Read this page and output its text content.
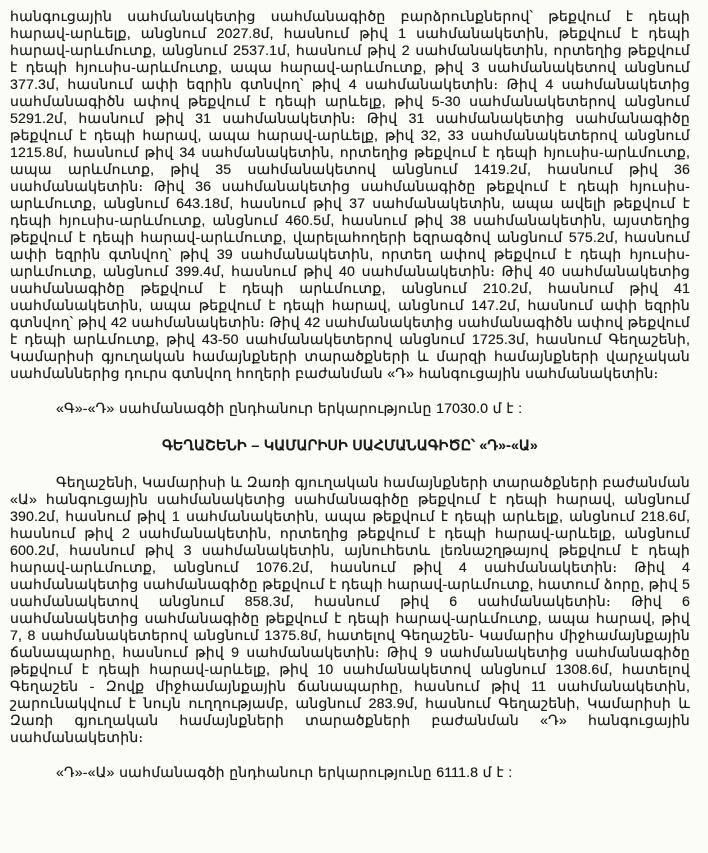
հանգուցային սահմանակետից սահմանագիծը բարձրունքներով՝ թեքվում է դեպի հարավ-արևելք, անցնում 2027.8մ, հասնում թիվ 1 սահմանակետին, թեքվում է դեպի հարավ-արևմուտք, անցնում 2537.1մ, հասնում թիվ 2 սահմանակետին, որտեղից թեքվում է դեպի հյուսիս-արևմուտք, ապա հարավ-արևմուտք, թիվ 3 սահմանակետով անցնում 377.3մ, հասնում ափի եզրին գտնվող՝ թիվ 4 սահմանակետին։ Թիվ 4 սահմանակետից սահմանագիծն ափով թեքվում է դեպի արևելք, թիվ 5-30 սահմանակետերով անցնում 5291.2մ, հասնում թիվ 31 սահմանակետին։ Թիվ 31 սահմանակետից սահմանագիծը թեքվում է դեպի հարավ, ապա հարավ-արևելք, թիվ 32, 33 սահմանակետերով անցնում 1215.8մ, հասնում թիվ 34 սահմանակետին, որտեղից թեքվում է դեպի հյուսիս-արևմուտք, ապա արևմուտք, թիվ 35 սահմանակետով անցնում 1419.2մ, հասնում թիվ 36 սահմանակետին։ Թիվ 36 սահմանակետից սահմանագիծը թեքվում է դեպի հյուսիս-արևմուտք, անցնում 643.18մ, հասնում թիվ 37 սահմանակետին, ապա ավելի թեքվում է դեպի հյուսիս-արևմուտք, անցնում 460.5մ, հասնում թիվ 38 սահմանակետին, այստեղից թեքվում է դեպի հարավ-արևմուտք, վարելահողերի եզրագծով անցնում 575.2մ, հասնում ափի եզրին գտնվող՝ թիվ 39 սահմանակետին, որտեղ ափով թեքվում է դեպի հյուսիս-արևմուտք, անցնում 399.4մ, հասնում թիվ 40 սահմանակետին։ Թիվ 40 սահմանակետից սահմանագիծը թեքվում է դեպի արևմուտք, անցնում 210.2մ, հասնում թիվ 41 սահմանակետին, ապա թեքվում է դեպի հարավ, անցնում 147.2մ, հասնում ափի եզրին գտնվող՝ թիվ 42 սահմանակետին։ Թիվ 42 սահմանակետից սահմանագիծն ափով թեքվում է դեպի արևմուտք, թիվ 43-50 սահմանակետերով անցնում 1725.3մ, հասնում Գեղաշենի, Կամարիսի գյուղական համայնքների տարածքների և մարզի համայնքների վարչական սահմաններից դուրս գտնվող հողերի բաժանման «Դ» հանգուցային սահմանակետին։

«Գ»-«Դ» սահմանագծի ընդհանուր երկարությունը 17030.0 մ է :

ԳԵՂԱՇԵՆԻ – ԿԱՄԱՐԻՍԻ ՍԱՀՄԱՆԱԳԻԾԸ՝ «Դ»-«Ա»

Գեղաշենի, Կամարիսի և Զառի գյուղական համայնքների տարածքների բաժանման «Ա» հանգուցային սահմանակետից սահմանագիծը թեքվում է դեպի հարավ, անցնում 390.2մ, հասնում թիվ 1 սահմանակետին, ապա թեքվում է դեպի արևելք, անցնում 218.6մ, հասնում թիվ 2 սահմանակետին, որտեղից թեքվում է դեպի հարավ-արևելք, անցնում 600.2մ, հասնում թիվ 3 սահմանակետին, այնուհետև լեռնաշղթայով թեքվում է դեպի հարավ-արևմուտք, անցնում 1076.2մ, հասնում թիվ 4 սահմանակետին։ Թիվ 4 սահմանակետից սահմանագիծը թեքվում է դեպի հարավ-արևմուտք, հատում ձորը, թիվ 5 սահմանակետով անցնում 858.3մ, հասնում թիվ 6 սահմանակետին։ Թիվ 6 սահմանակետից սահմանագիծը թեքվում է դեպի հարավ-արևմուտք, ապա հարավ, թիվ 7, 8 սահմանակետերով անցնում 1375.8մ, հատելով Գեղաշեն- Կամարիս միջհամայնքային ճանապարհը, հասնում թիվ 9 սահմանակետին։ Թիվ 9 սահմանակետից սահմանագիծը թեքվում է դեպի հարավ-արևելք, թիվ 10 սահմանակետով անցնում 1308.6մ, հատելով Գեղաշեն - Զովք միջհամայնքային ճանապարհը, հասնում թիվ 11 սահմանակետին, շարունակվում է նույն ուղղությամբ, անցնում 283.9մ, հասնում Գեղաշենի, Կամարիսի և Զառի գյուղական համայնքների տարածքների բաժանման «Դ» հանգուցային սահմանակետին։

«Դ»-«Ա» սահմանագծի ընդհանուր երկարությունը 6111.8 մ է :
